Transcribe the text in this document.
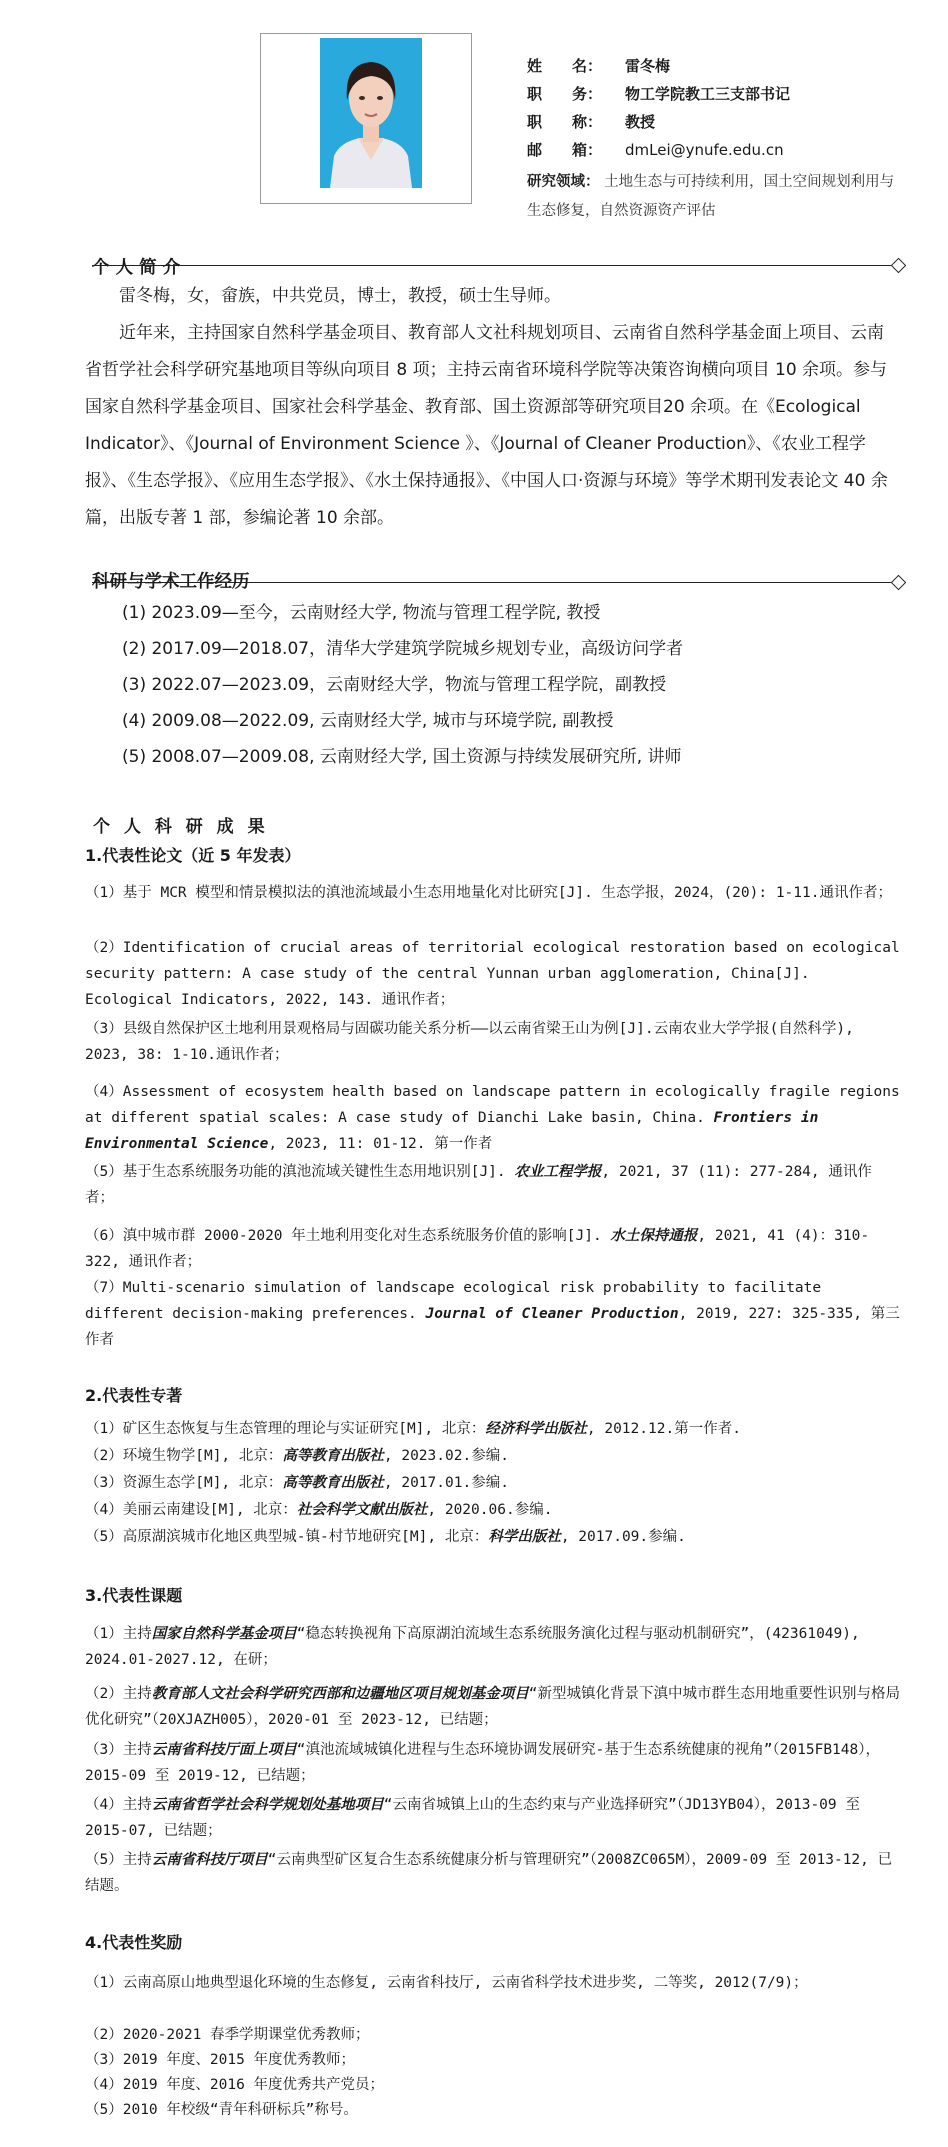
姓　　名：	雷冬梅
职　　务：	物工学院教工三支部书记
职　　称：	教授
邮　　箱：	dmLei@ynufe.edu.cn
研究领域： 土地生态与可持续利用，国土空间规划利用与生态修复，自然资源资产评估
个 人 简 介

雷冬梅，女，畲族，中共党员，博士，教授，硕士生导师。

近年来，主持国家自然科学基金项目、教育部人文社科规划项目、云南省自然科学基金面上项目、云南省哲学社会科学研究基地项目等纵向项目 8 项；主持云南省环境科学院等决策咨询横向项目 10 余项。参与国家自然科学基金项目、国家社会科学基金、教育部、国土资源部等研究项目20 余项。在《Ecological Indicator》、《Journal of Environment Science 》、《Journal of Cleaner Production》、《农业工程学报》、《生态学报》、《应用生态学报》、《水土保持通报》、《中国人口·资源与环境》等学术期刊发表论文 40 余篇，出版专著 1 部，参编论著 10 余部。

科研与学术工作经历
(1) 2023.09—至今，云南财经大学, 物流与管理工程学院, 教授
(2) 2017.09—2018.07，清华大学建筑学院城乡规划专业，高级访问学者
(3) 2022.07—2023.09，云南财经大学，物流与管理工程学院，副教授
(4) 2009.08—2022.09, 云南财经大学, 城市与环境学院, 副教授
(5) 2008.07—2009.08, 云南财经大学, 国土资源与持续发展研究所, 讲师
个 人 科 研 成 果
1.代表性论文（近 5 年发表）
（1）基于 MCR 模型和情景模拟法的滇池流域最小生态用地量化对比研究[J]. 生态学报，2024，(20): 1-11.通讯作者；
（2）Identification of crucial areas of territorial ecological restoration based on ecological security pattern: A case study of the central Yunnan urban agglomeration, China[J]. Ecological Indicators, 2022, 143. 通讯作者；
（3）县级自然保护区土地利用景观格局与固碳功能关系分析——以云南省梁王山为例[J].云南农业大学学报(自然科学), 2023, 38: 1-10.通讯作者；
（4）Assessment of ecosystem health based on landscape pattern in ecologically fragile regions at different spatial scales: A case study of Dianchi Lake basin, China. Frontiers in Environmental Science, 2023, 11: 01-12. 第一作者
（5）基于生态系统服务功能的滇池流域关键性生态用地识别[J]. 农业工程学报, 2021, 37 (11): 277-284, 通讯作者；
（6）滇中城市群 2000-2020 年土地利用变化对生态系统服务价值的影响[J]. 水土保持通报, 2021, 41 (4)：310-322, 通讯作者；
（7）Multi-scenario simulation of landscape ecological risk probability to facilitate different decision-making preferences. Journal of Cleaner Production, 2019, 227: 325-335, 第三作者
2.代表性专著
（1）矿区生态恢复与生态管理的理论与实证研究[M], 北京：经济科学出版社, 2012.12.第一作者.
（2）环境生物学[M], 北京：高等教育出版社, 2023.02.参编.
（3）资源生态学[M], 北京：高等教育出版社, 2017.01.参编.
（4）美丽云南建设[M], 北京：社会科学文献出版社, 2020.06.参编.
（5）高原湖滨城市化地区典型城-镇-村节地研究[M], 北京：科学出版社, 2017.09.参编.
3.代表性课题
（1）主持国家自然科学基金项目“稳态转换视角下高原湖泊流域生态系统服务演化过程与驱动机制研究”，(42361049), 2024.01-2027.12, 在研；
（2）主持教育部人文社会科学研究西部和边疆地区项目规划基金项目“新型城镇化背景下滇中城市群生态用地重要性识别与格局优化研究”（20XJAZH005），2020-01 至 2023-12, 已结题；
（3）主持云南省科技厅面上项目“滇池流域城镇化进程与生态环境协调发展研究-基于生态系统健康的视角”（2015FB148），2015-09 至 2019-12, 已结题；
（4）主持云南省哲学社会科学规划处基地项目“云南省城镇上山的生态约束与产业选择研究”（JD13YB04），2013-09 至 2015-07, 已结题；
（5）主持云南省科技厅项目“云南典型矿区复合生态系统健康分析与管理研究”（2008ZC065M），2009-09 至 2013-12, 已结题。
4.代表性奖励
（1）云南高原山地典型退化环境的生态修复, 云南省科技厅, 云南省科学技术进步奖, 二等奖, 2012(7/9)；
（2）2020-2021 春季学期课堂优秀教师；
（3）2019 年度、2015 年度优秀教师；
（4）2019 年度、2016 年度优秀共产党员；
（5）2010 年校级“青年科研标兵”称号。
